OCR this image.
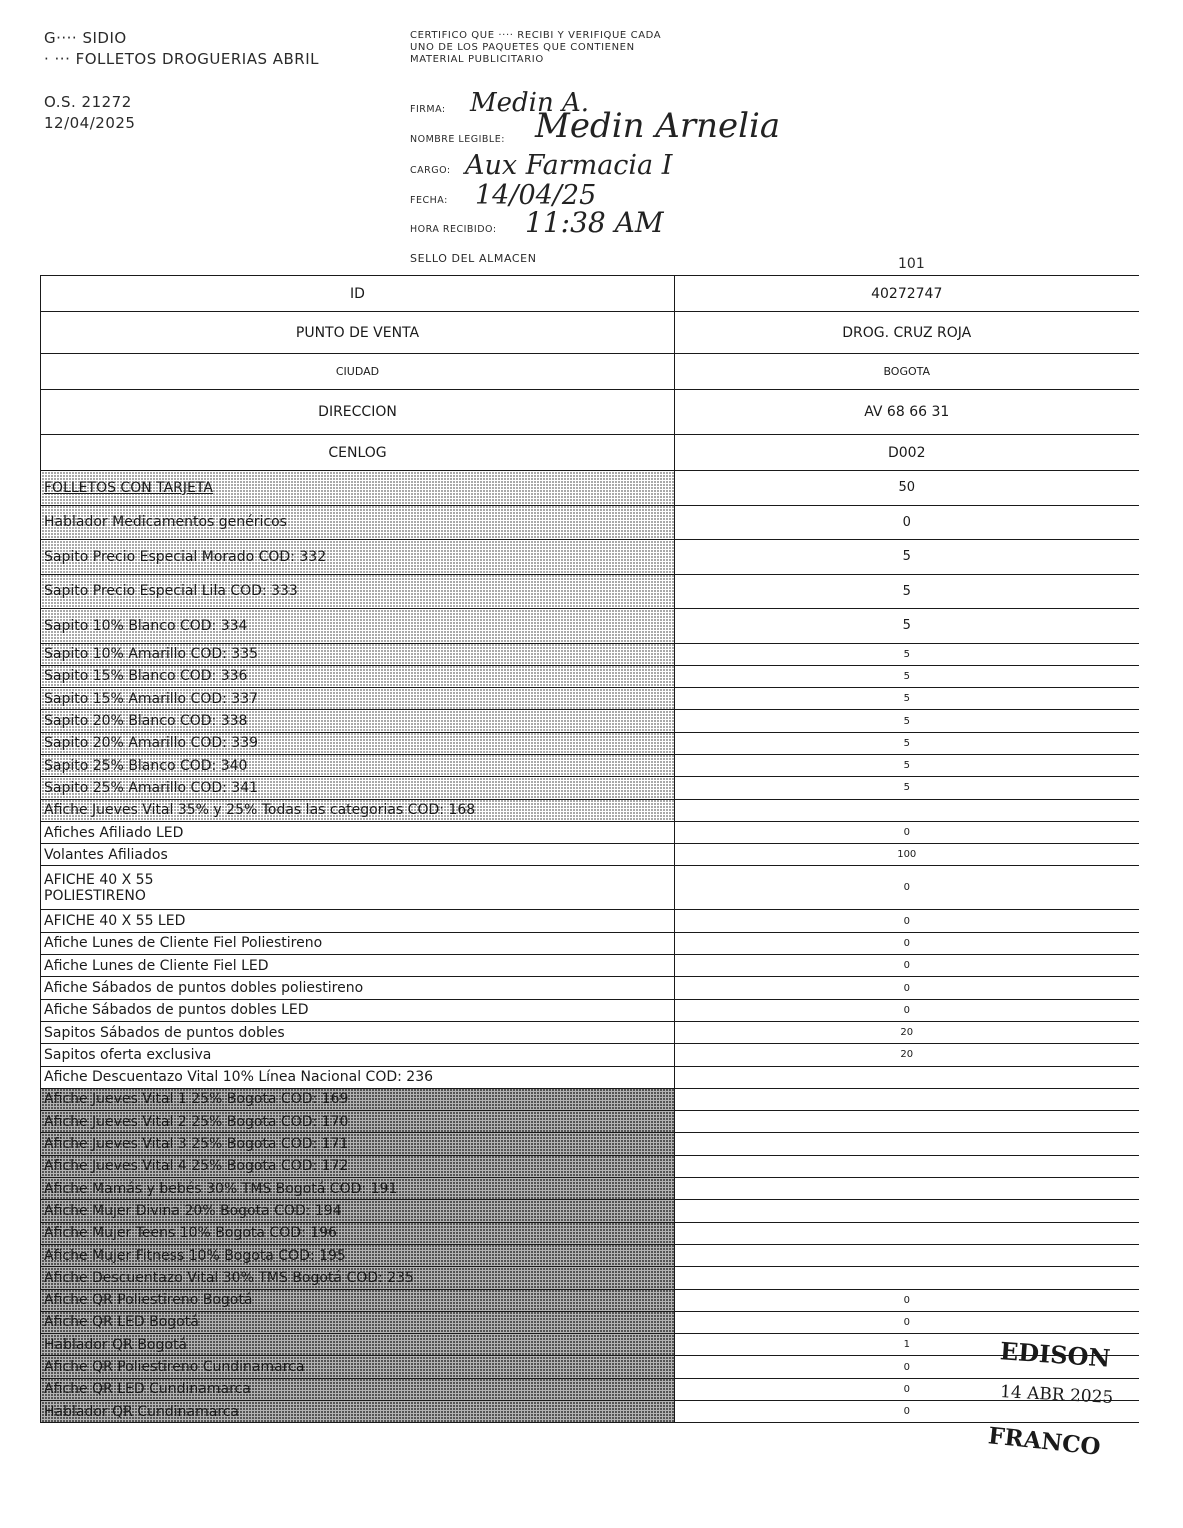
G···· SIDIO
· ··· FOLLETOS DROGUERIAS ABRIL
O.S. 21272
12/04/2025
CERTIFICO QUE ···· RECIBI Y VERIFIQUE CADA UNO DE LOS PAQUETES QUE CONTIENEN MATERIAL PUBLICITARIO
FIRMA: Medin A.
NOMBRE LEGIBLE: Medin Arnelia
CARGO: Aux Farmacia I
FECHA: 14/04/25
HORA RECIBIDO: 11:38 AM
SELLO DEL ALMACEN	101
ID	40272747
PUNTO DE VENTA	DROG. CRUZ ROJA
CIUDAD	BOGOTA
DIRECCION	AV 68 66 31
CENLOG	D002
FOLLETOS CON TARJETA	50
Hablador Medicamentos genéricos	0
Sapito Precio Especial Morado COD: 332	5
Sapito Precio Especial Lila COD: 333	5
Sapito 10% Blanco COD: 334	5
Sapito 10% Amarillo COD: 335	5
Sapito 15% Blanco COD: 336	5
Sapito 15% Amarillo COD: 337	5
Sapito 20% Blanco COD: 338	5
Sapito 20% Amarillo COD: 339	5
Sapito 25% Blanco COD: 340	5
Sapito 25% Amarillo COD: 341	5
Afiche Jueves Vital 35% y 25% Todas las categorias COD: 168	
Afiches Afiliado LED	0
Volantes Afiliados	100
AFICHE 40 X 55
POLIESTIRENO	0
AFICHE 40 X 55 LED	0
Afiche Lunes de Cliente Fiel Poliestireno	0
Afiche Lunes de Cliente Fiel LED	0
Afiche Sábados de puntos dobles poliestireno	0
Afiche Sábados de puntos dobles LED	0
Sapitos Sábados de puntos dobles	20
Sapitos oferta exclusiva	20
Afiche Descuentazo Vital 10% Línea Nacional COD: 236	
Afiche Jueves Vital 1 25% Bogota COD: 169	
Afiche Jueves Vital 2 25% Bogota COD: 170	
Afiche Jueves Vital 3 25% Bogota COD: 171	
Afiche Jueves Vital 4 25% Bogota COD: 172	
Afiche Mamás y bebés 30% TMS Bogotá COD: 191	
Afiche Mujer Divina 20% Bogota COD: 194	
Afiche Mujer Teens 10% Bogota COD: 196	
Afiche Mujer Fitness 10% Bogota COD: 195	
Afiche Descuentazo Vital 30% TMS Bogotá COD: 235	
Afiche QR Poliestireno Bogotá	0
Afiche QR LED Bogotá	0
Hablador QR Bogotá	1
Afiche QR Poliestireno Cundinamarca	0
Afiche QR LED Cundinamarca	0
Hablador QR Cundinamarca	0
EDISON
14 ABR 2025
FRANCO
